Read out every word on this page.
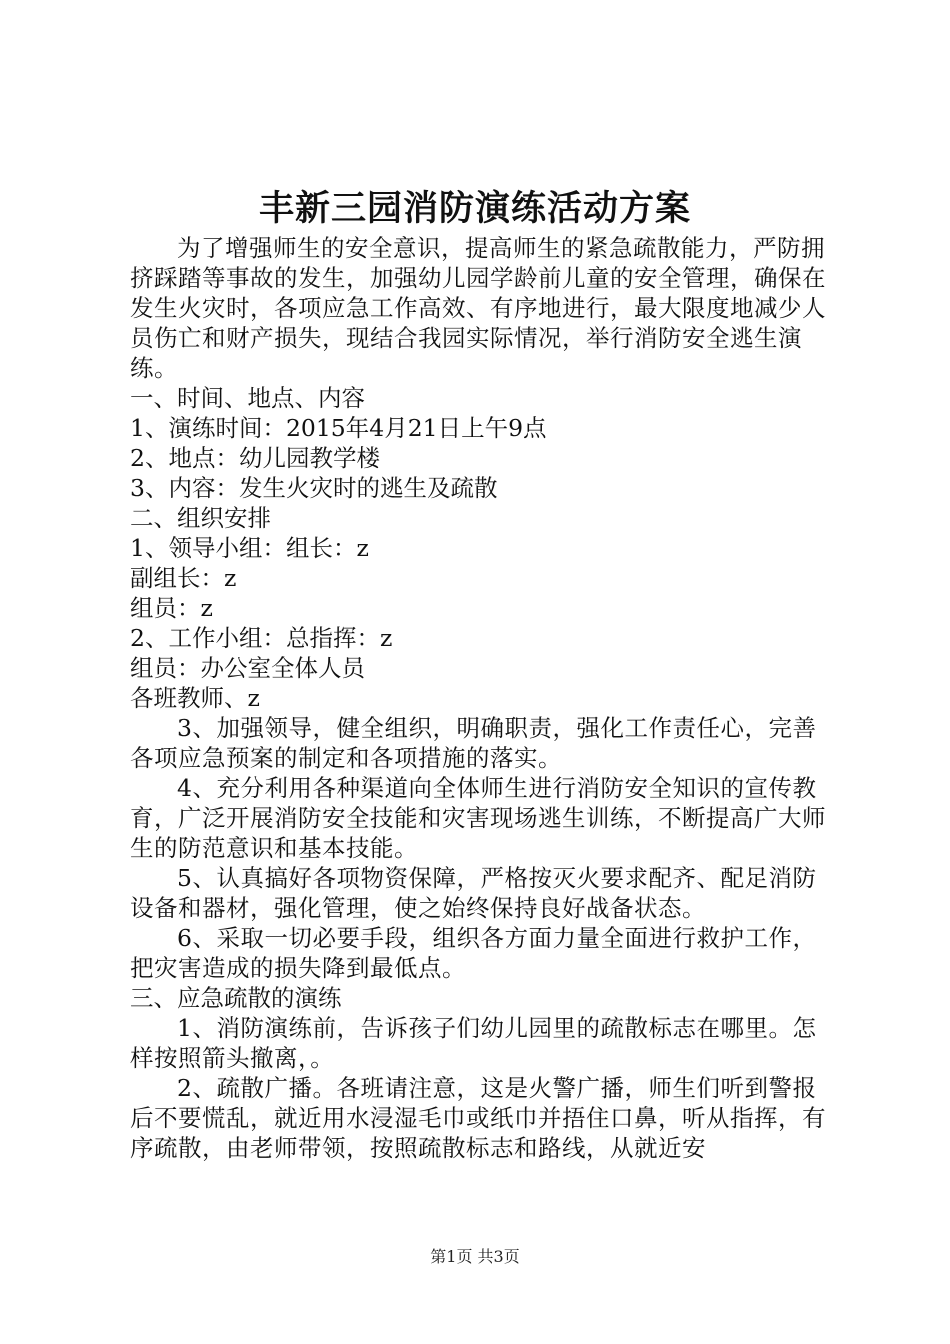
丰新三园消防演练活动方案

为了增强师生的安全意识，提高师生的紧急疏散能力，严防拥挤踩踏等事故的发生，加强幼儿园学龄前儿童的安全管理，确保在发生火灾时，各项应急工作高效、有序地进行，最大限度地减少人员伤亡和财产损失，现结合我园实际情况，举行消防安全逃生演练。

一、时间、地点、内容

1、演练时间：2015年4月21日上午9点

2、地点：幼儿园教学楼

3、内容：发生火灾时的逃生及疏散

二、组织安排

1、领导小组：组长：z

副组长：z

组员：z

2、工作小组：总指挥：z

组员：办公室全体人员

各班教师、z

3、加强领导，健全组织，明确职责，强化工作责任心，完善各项应急预案的制定和各项措施的落实。

4、充分利用各种渠道向全体师生进行消防安全知识的宣传教育，广泛开展消防安全技能和灾害现场逃生训练，不断提高广大师生的防范意识和基本技能。

5、认真搞好各项物资保障，严格按灭火要求配齐、配足消防设备和器材，强化管理，使之始终保持良好战备状态。

6、采取一切必要手段，组织各方面力量全面进行救护工作，把灾害造成的损失降到最低点。

三、应急疏散的演练

1、消防演练前，告诉孩子们幼儿园里的疏散标志在哪里。怎样按照箭头撤离，。

2、疏散广播。各班请注意，这是火警广播，师生们听到警报后不要慌乱，就近用水浸湿毛巾或纸巾并捂住口鼻，听从指挥，有序疏散，由老师带领，按照疏散标志和路线，从就近安

第1页 共3页
